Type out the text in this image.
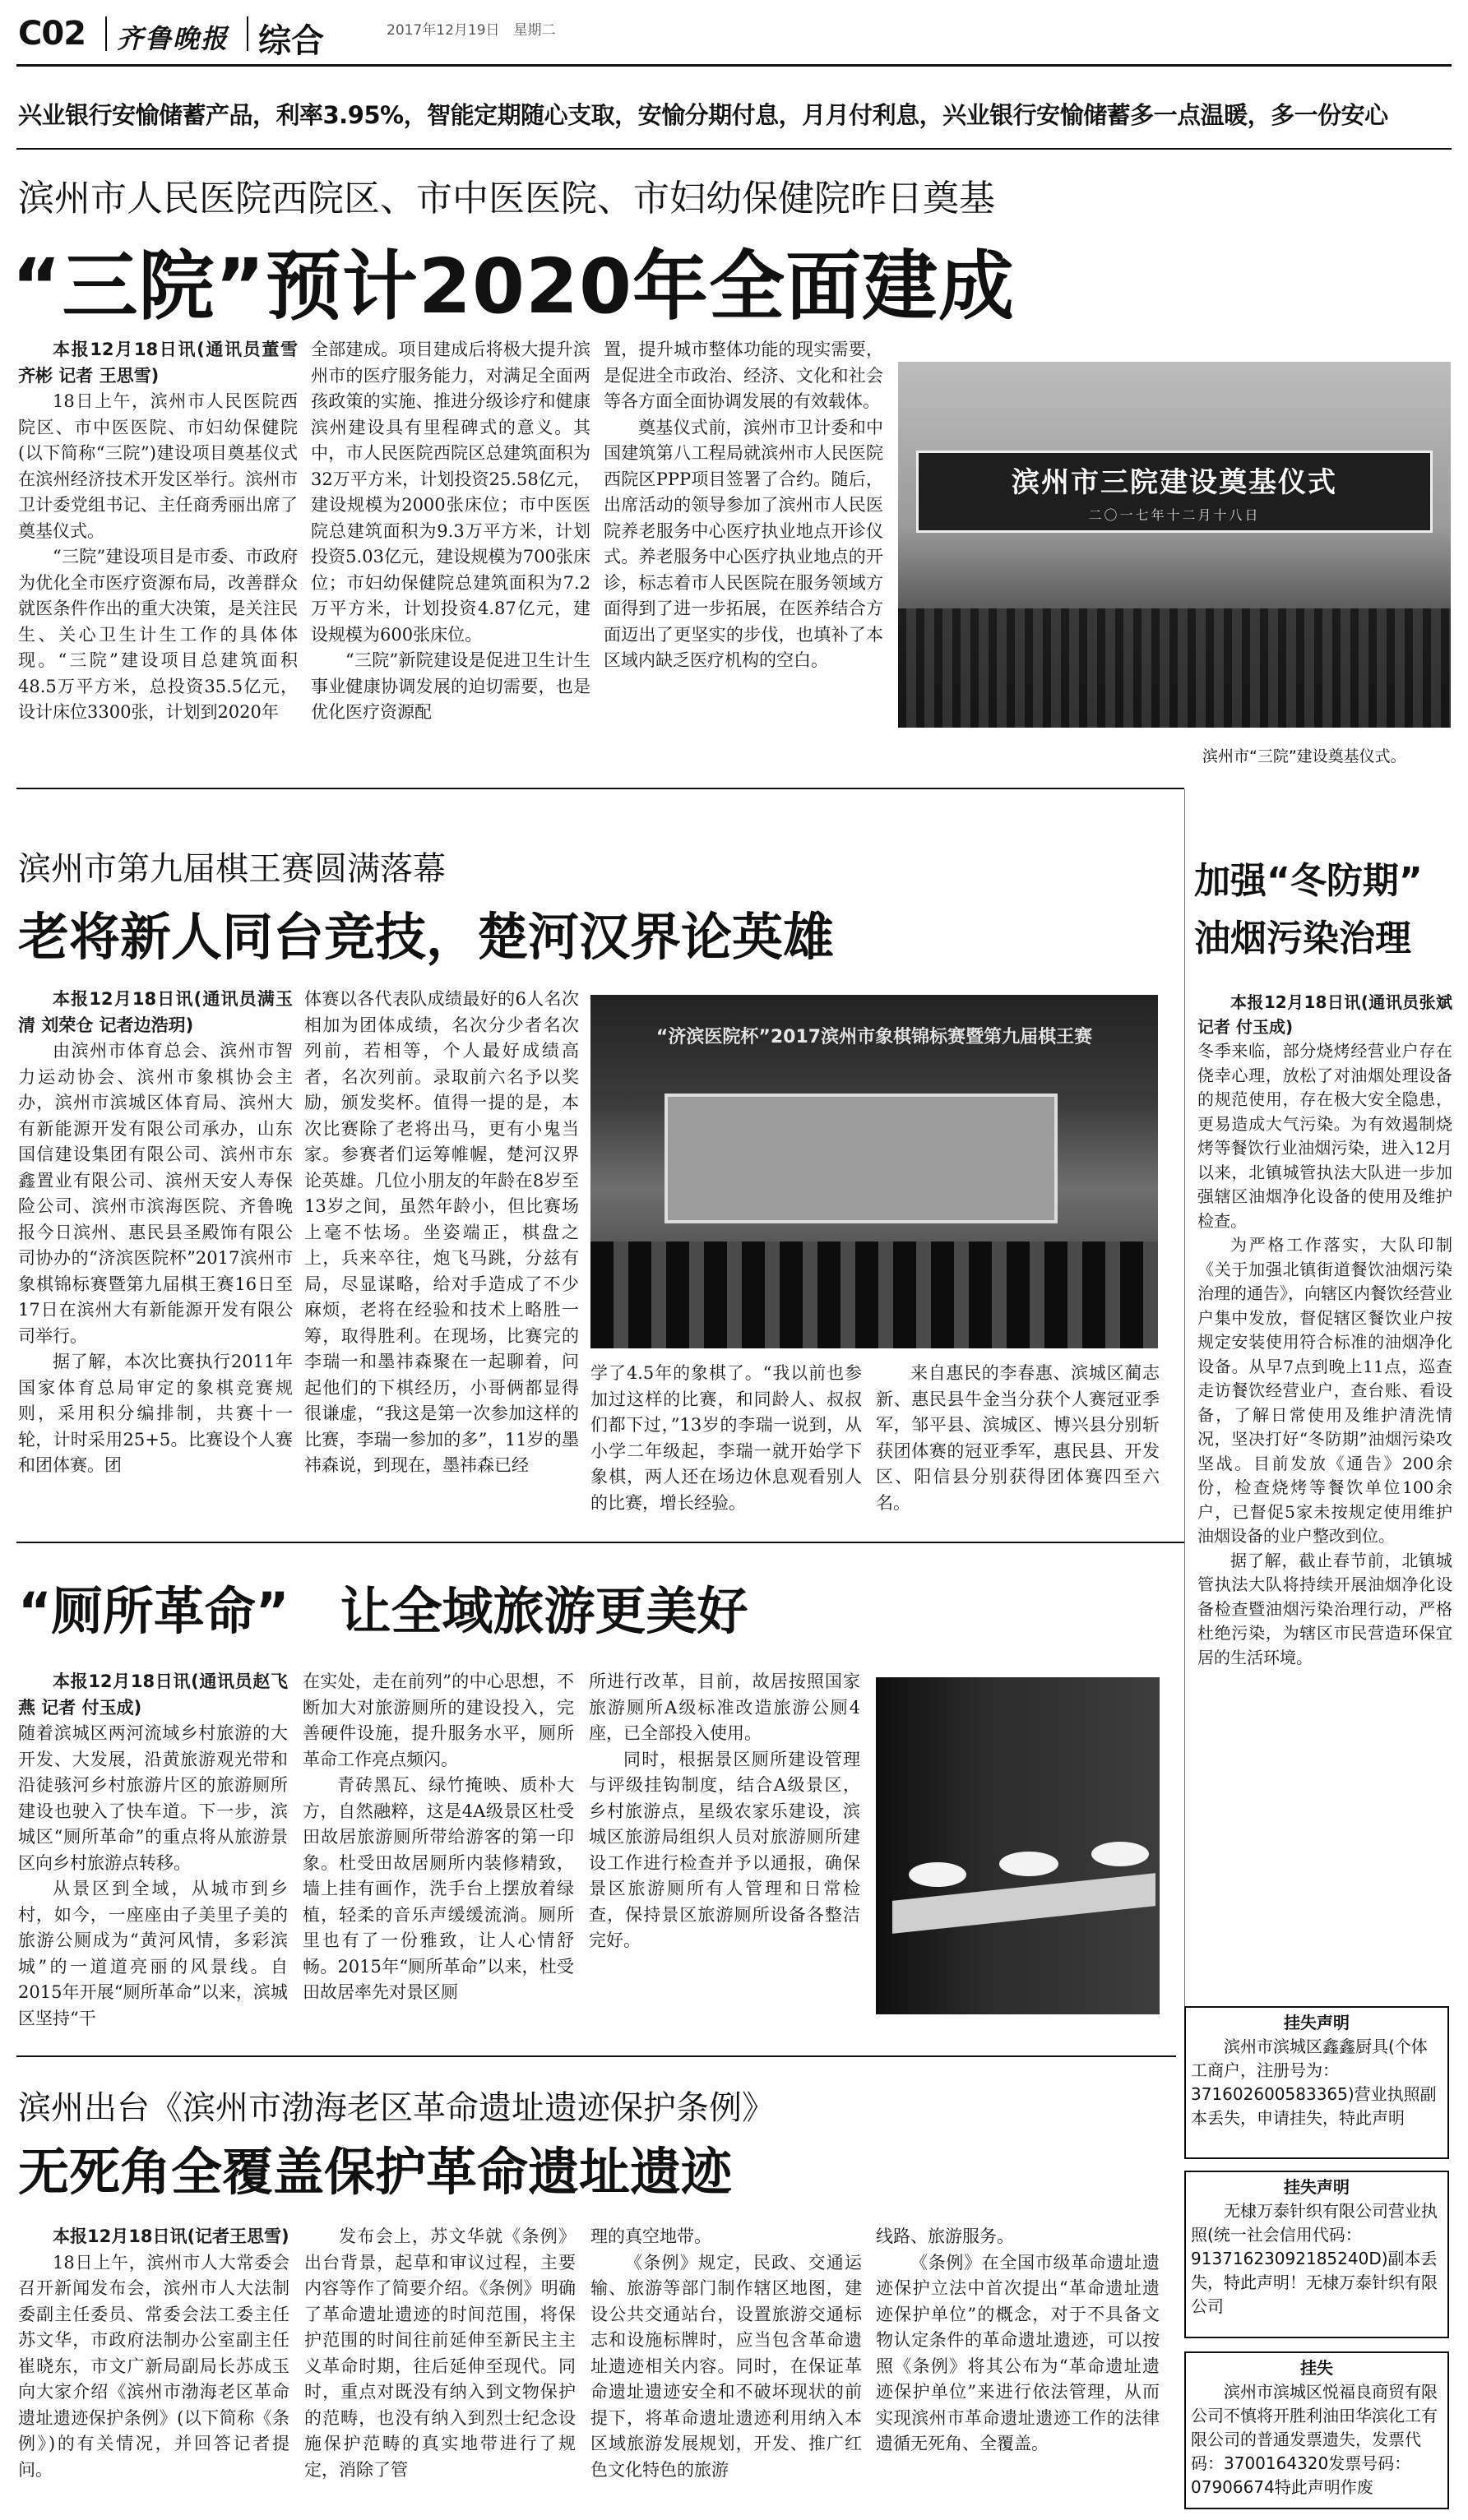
C02 齐鲁晚报 综合	2017年12月19日　星期二
兴业银行安愉储蓄产品，利率3.95%，智能定期随心支取，安愉分期付息，月月付利息，兴业银行安愉储蓄多一点温暖，多一份安心
滨州市人民医院西院区、市中医医院、市妇幼保健院昨日奠基
“三院”预计2020年全面建成
本报12月18日讯(通讯员董雪 齐彬 记者 王思雪)

18日上午，滨州市人民医院西院区、市中医医院、市妇幼保健院(以下简称“三院”)建设项目奠基仪式在滨州经济技术开发区举行。滨州市卫计委党组书记、主任商秀丽出席了奠基仪式。

“三院”建设项目是市委、市政府为优化全市医疗资源布局，改善群众就医条件作出的重大决策，是关注民生、关心卫生计生工作的具体体现。“三院”建设项目总建筑面积48.5万平方米，总投资35.5亿元，设计床位3300张，计划到2020年

全部建成。项目建成后将极大提升滨州市的医疗服务能力，对满足全面两孩政策的实施、推进分级诊疗和健康滨州建设具有里程碑式的意义。其中，市人民医院西院区总建筑面积为32万平方米，计划投资25.58亿元，建设规模为2000张床位；市中医医院总建筑面积为9.3万平方米，计划投资5.03亿元，建设规模为700张床位；市妇幼保健院总建筑面积为7.2万平方米，计划投资4.87亿元，建设规模为600张床位。

“三院”新院建设是促进卫生计生事业健康协调发展的迫切需要，也是优化医疗资源配

置，提升城市整体功能的现实需要，是促进全市政治、经济、文化和社会等各方面全面协调发展的有效载体。

奠基仪式前，滨州市卫计委和中国建筑第八工程局就滨州市人民医院西院区PPP项目签署了合约。随后，出席活动的领导参加了滨州市人民医院养老服务中心医疗执业地点开诊仪式。养老服务中心医疗执业地点的开诊，标志着市人民医院在服务领域方面得到了进一步拓展，在医养结合方面迈出了更坚实的步伐，也填补了本区域内缺乏医疗机构的空白。

滨州市三院建设奠基仪式
二〇一七年十二月十八日
滨州市“三院”建设奠基仪式。
滨州市第九届棋王赛圆满落幕
老将新人同台竞技，楚河汉界论英雄
本报12月18日讯(通讯员满玉清 刘荣仓 记者边浩玥)

由滨州市体育总会、滨州市智力运动协会、滨州市象棋协会主办，滨州市滨城区体育局、滨州大有新能源开发有限公司承办，山东国信建设集团有限公司、滨州市东鑫置业有限公司、滨州天安人寿保险公司、滨州市滨海医院、齐鲁晚报今日滨州、惠民县圣殿饰有限公司协办的“济滨医院杯”2017滨州市象棋锦标赛暨第九届棋王赛16日至17日在滨州大有新能源开发有限公司举行。

据了解，本次比赛执行2011年国家体育总局审定的象棋竞赛规则，采用积分编排制，共赛十一轮，计时采用25+5。比赛设个人赛和团体赛。团

体赛以各代表队成绩最好的6人名次相加为团体成绩，名次分少者名次列前，若相等，个人最好成绩高者，名次列前。录取前六名予以奖励，颁发奖杯。值得一提的是，本次比赛除了老将出马，更有小鬼当家。参赛者们运筹帷幄，楚河汉界论英雄。几位小朋友的年龄在8岁至13岁之间，虽然年龄小，但比赛场上毫不怯场。坐姿端正，棋盘之上，兵来卒往，炮飞马跳，分兹有局，尽显谋略，给对手造成了不少麻烦，老将在经验和技术上略胜一筹，取得胜利。在现场，比赛完的李瑞一和墨祎森聚在一起聊着，问起他们的下棋经历，小哥俩都显得很谦虚，“我这是第一次参加这样的比赛，李瑞一参加的多”，11岁的墨祎森说，到现在，墨祎森已经

“济滨医院杯”2017滨州市象棋锦标赛暨第九届棋王赛

学了4.5年的象棋了。“我以前也参加过这样的比赛，和同龄人、叔叔们都下过，”13岁的李瑞一说到，从小学二年级起，李瑞一就开始学下象棋，两人还在场边休息观看别人的比赛，增长经验。

来自惠民的李春惠、滨城区蔺志新、惠民县牛金当分获个人赛冠亚季军，邹平县、滨城区、博兴县分别斩获团体赛的冠亚季军，惠民县、开发区、阳信县分别获得团体赛四至六名。

加强“冬防期”
油烟污染治理
本报12月18日讯(通讯员张斌 记者 付玉成)

冬季来临，部分烧烤经营业户存在侥幸心理，放松了对油烟处理设备的规范使用，存在极大安全隐患，更易造成大气污染。为有效遏制烧烤等餐饮行业油烟污染，进入12月以来，北镇城管执法大队进一步加强辖区油烟净化设备的使用及维护检查。

为严格工作落实，大队印制《关于加强北镇街道餐饮油烟污染治理的通告》，向辖区内餐饮经营业户集中发放，督促辖区餐饮业户按规定安装使用符合标准的油烟净化设备。从早7点到晚上11点，巡查走访餐饮经营业户，查台账、看设备，了解日常使用及维护清洗情况，坚决打好“冬防期”油烟污染攻坚战。目前发放《通告》200余份，检查烧烤等餐饮单位100余户，已督促5家未按规定使用维护油烟设备的业户整改到位。

据了解，截止春节前，北镇城管执法大队将持续开展油烟净化设备检查暨油烟污染治理行动，严格杜绝污染，为辖区市民营造环保宜居的生活环境。

“厕所革命”　让全域旅游更美好
本报12月18日讯(通讯员赵飞燕 记者 付玉成)

随着滨城区两河流域乡村旅游的大开发、大发展，沿黄旅游观光带和沿徒骇河乡村旅游片区的旅游厕所建设也驶入了快车道。下一步，滨城区“厕所革命”的重点将从旅游景区向乡村旅游点转移。

从景区到全域，从城市到乡村，如今，一座座由子美里子美的旅游公厕成为“黄河风情，多彩滨城”的一道道亮丽的风景线。自2015年开展“厕所革命”以来，滨城区坚持“干

在实处，走在前列”的中心思想，不断加大对旅游厕所的建设投入，完善硬件设施，提升服务水平，厕所革命工作亮点频闪。

青砖黑瓦、绿竹掩映、质朴大方，自然融粹，这是4A级景区杜受田故居旅游厕所带给游客的第一印象。杜受田故居厕所内装修精致，墙上挂有画作，洗手台上摆放着绿植，轻柔的音乐声缓缓流淌。厕所里也有了一份雅致，让人心情舒畅。2015年“厕所革命”以来，杜受田故居率先对景区厕

所进行改革，目前，故居按照国家旅游厕所A级标准改造旅游公厕4座，已全部投入使用。

同时，根据景区厕所建设管理与评级挂钩制度，结合A级景区，乡村旅游点，星级农家乐建设，滨城区旅游局组织人员对旅游厕所建设工作进行检查并予以通报，确保景区旅游厕所有人管理和日常检查，保持景区旅游厕所设备各整洁完好。

挂失声明
滨州市滨城区鑫鑫厨具(个体工商户，注册号为：371602600583365)营业执照副本丢失，申请挂失，特此声明
挂失声明
无棣万泰针织有限公司营业执照(统一社会信用代码：91371623092185240D)副本丢失，特此声明！无棣万泰针织有限公司
挂失
滨州市滨城区悦福良商贸有限公司不慎将开胜利油田华滨化工有限公司的普通发票遗失，发票代码：3700164320发票号码：07906674特此声明作废
滨州出台《滨州市渤海老区革命遗址遗迹保护条例》
无死角全覆盖保护革命遗址遗迹
本报12月18日讯(记者王思雪)

18日上午，滨州市人大常委会召开新闻发布会，滨州市人大法制委副主任委员、常委会法工委主任苏文华，市政府法制办公室副主任崔晓东，市文广新局副局长苏成玉向大家介绍《滨州市渤海老区革命遗址遗迹保护条例》(以下简称《条例》)的有关情况，并回答记者提问。

发布会上，苏文华就《条例》出台背景，起草和审议过程，主要内容等作了简要介绍。《条例》明确了革命遗址遗迹的时间范围，将保护范围的时间往前延伸至新民主主义革命时期，往后延伸至现代。同时，重点对既没有纳入到文物保护的范畴，也没有纳入到烈士纪念设施保护范畴的真实地带进行了规定，消除了管

理的真空地带。

《条例》规定，民政、交通运输、旅游等部门制作辖区地图，建设公共交通站台，设置旅游交通标志和设施标牌时，应当包含革命遗址遗迹相关内容。同时，在保证革命遗址遗迹安全和不破坏现状的前提下，将革命遗址遗迹利用纳入本区域旅游发展规划，开发、推广红色文化特色的旅游

线路、旅游服务。

《条例》在全国市级革命遗址遗迹保护立法中首次提出“革命遗址遗迹保护单位”的概念，对于不具备文物认定条件的革命遗址遗迹，可以按照《条例》将其公布为“革命遗址遗迹保护单位”来进行依法管理，从而实现滨州市革命遗址遗迹工作的法律遗循无死角、全覆盖。
